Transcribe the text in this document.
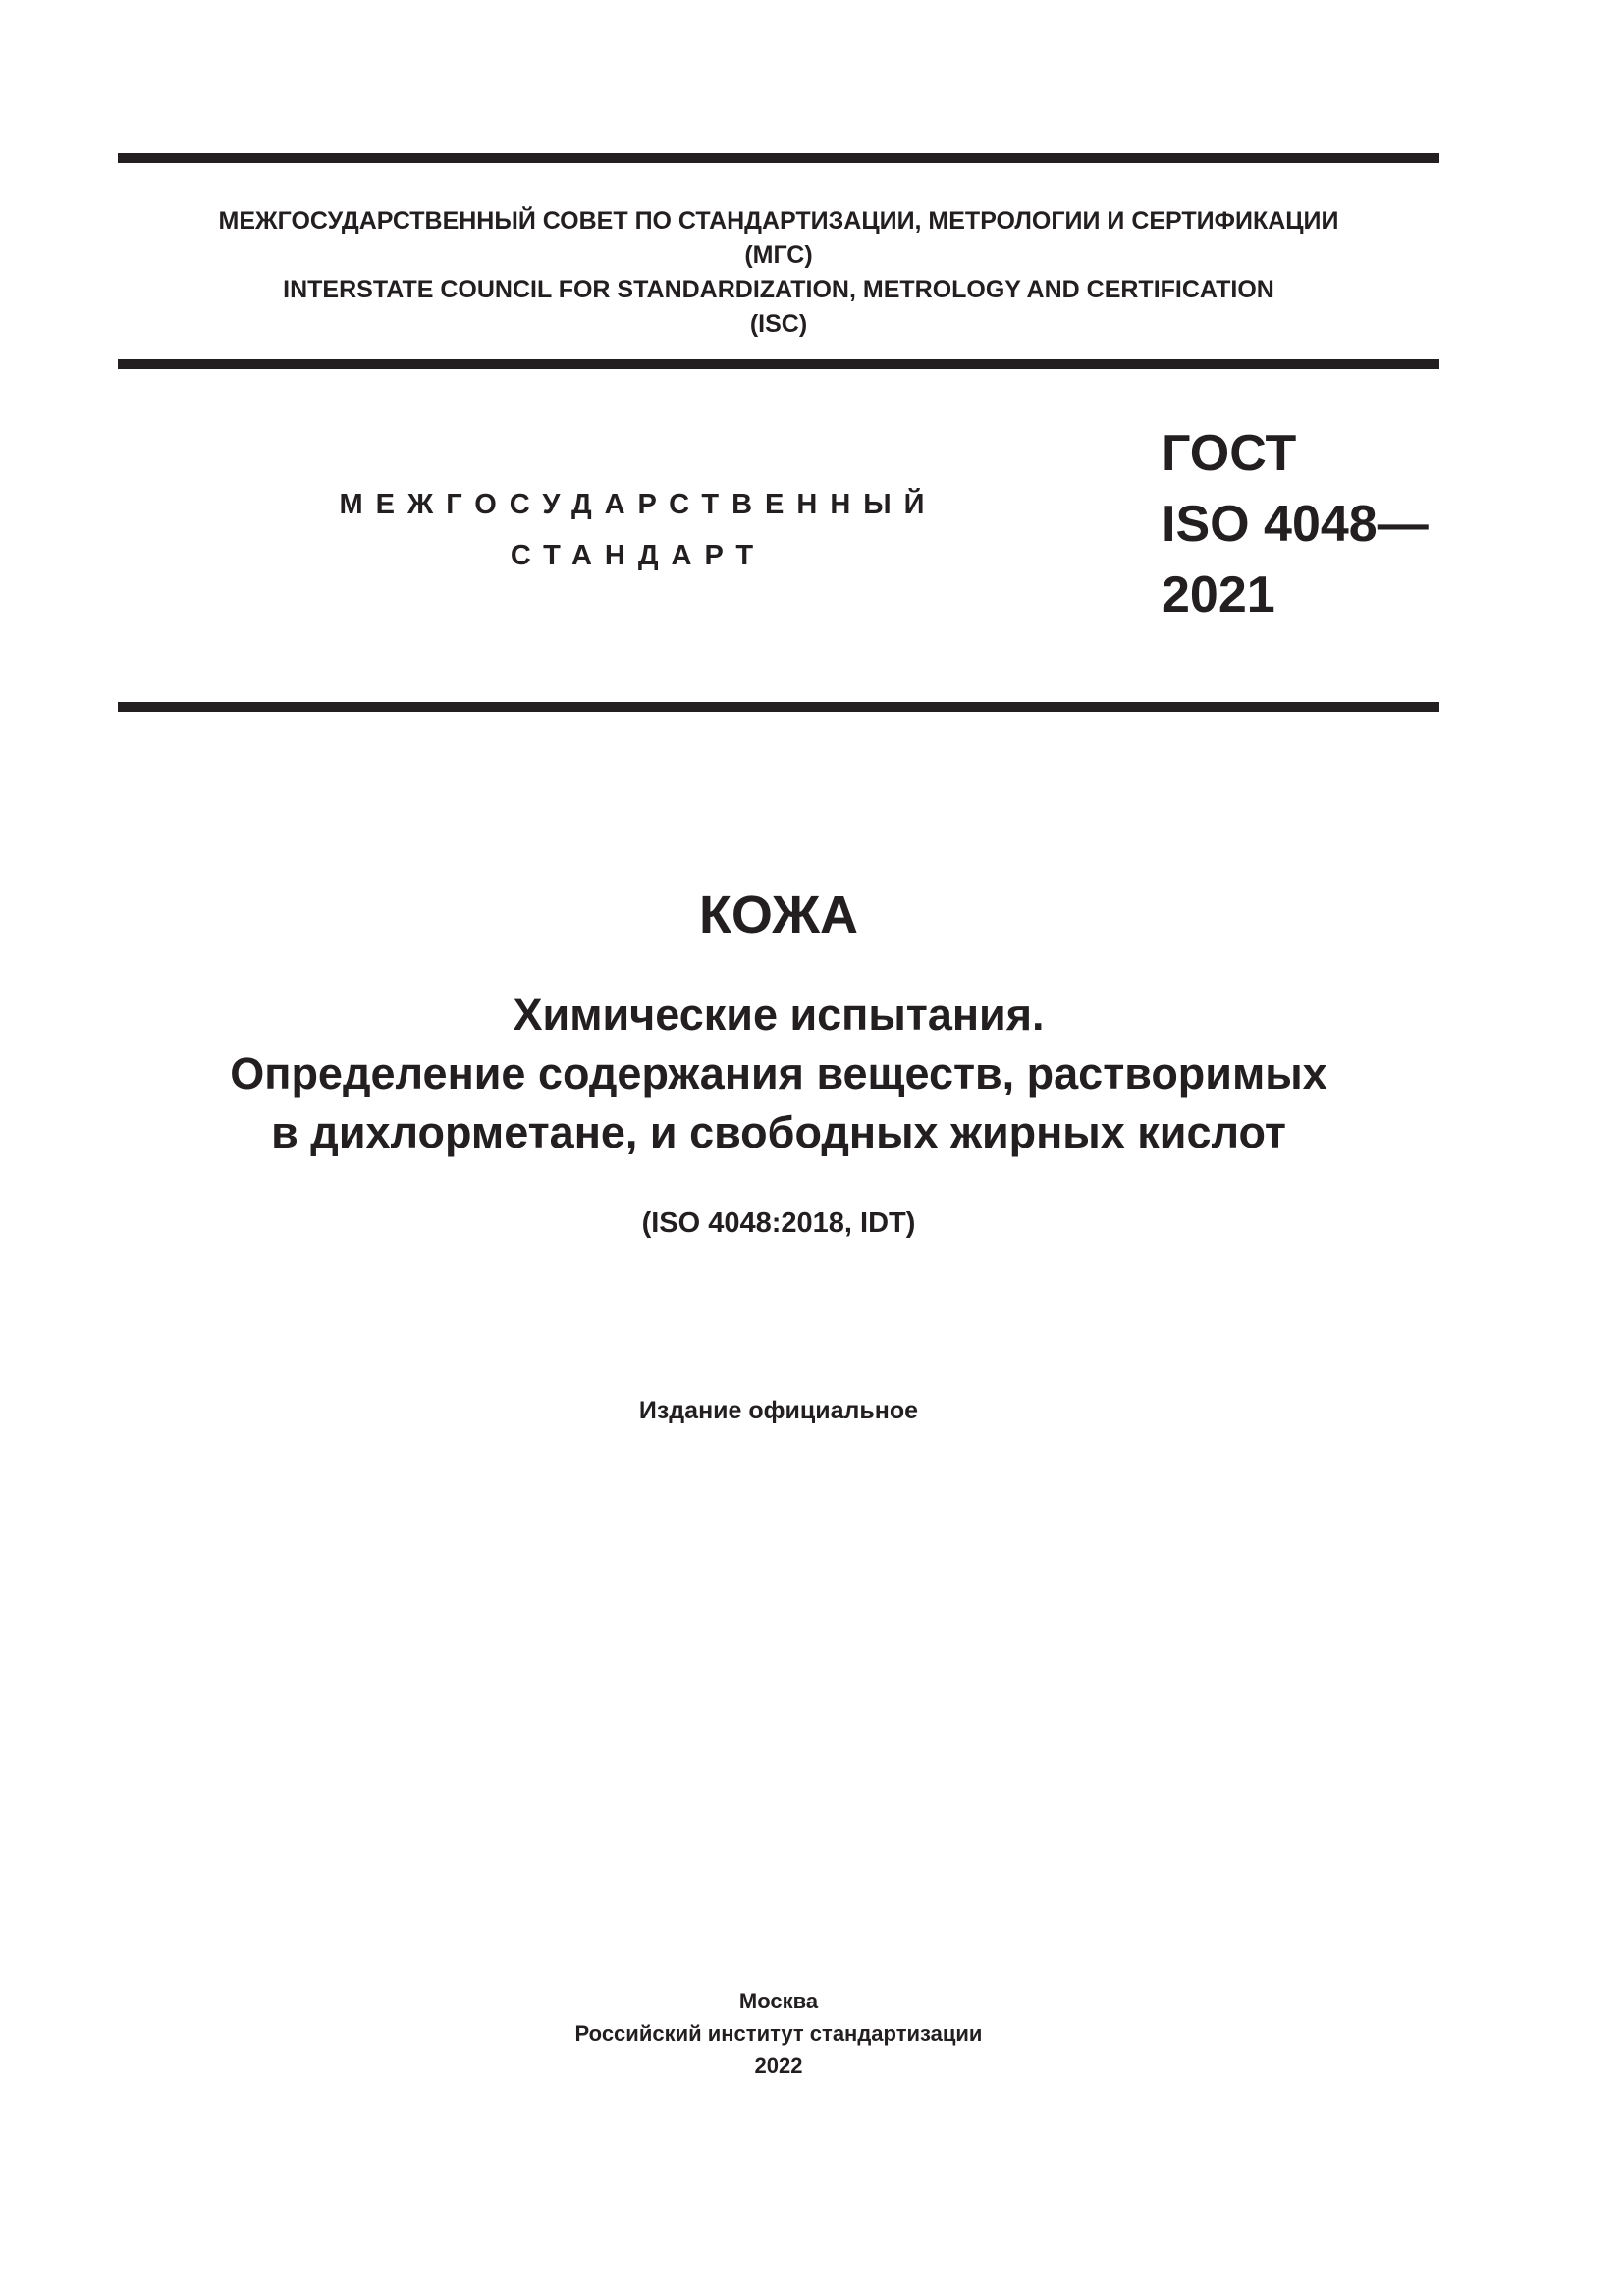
МЕЖГОСУДАРСТВЕННЫЙ СОВЕТ ПО СТАНДАРТИЗАЦИИ, МЕТРОЛОГИИ И СЕРТИФИКАЦИИ
(МГС)
INTERSTATE COUNCIL FOR STANDARDIZATION, METROLOGY AND CERTIFICATION
(ISC)
МЕЖГОСУДАРСТВЕННЫЙ
СТАНДАРТ
ГОСТ
ISO 4048—
2021
КОЖА
Химические испытания.
Определение содержания веществ, растворимых
в дихлорметане, и свободных жирных кислот
(ISO 4048:2018, IDT)
Издание официальное
Москва
Российский институт стандартизации
2022
